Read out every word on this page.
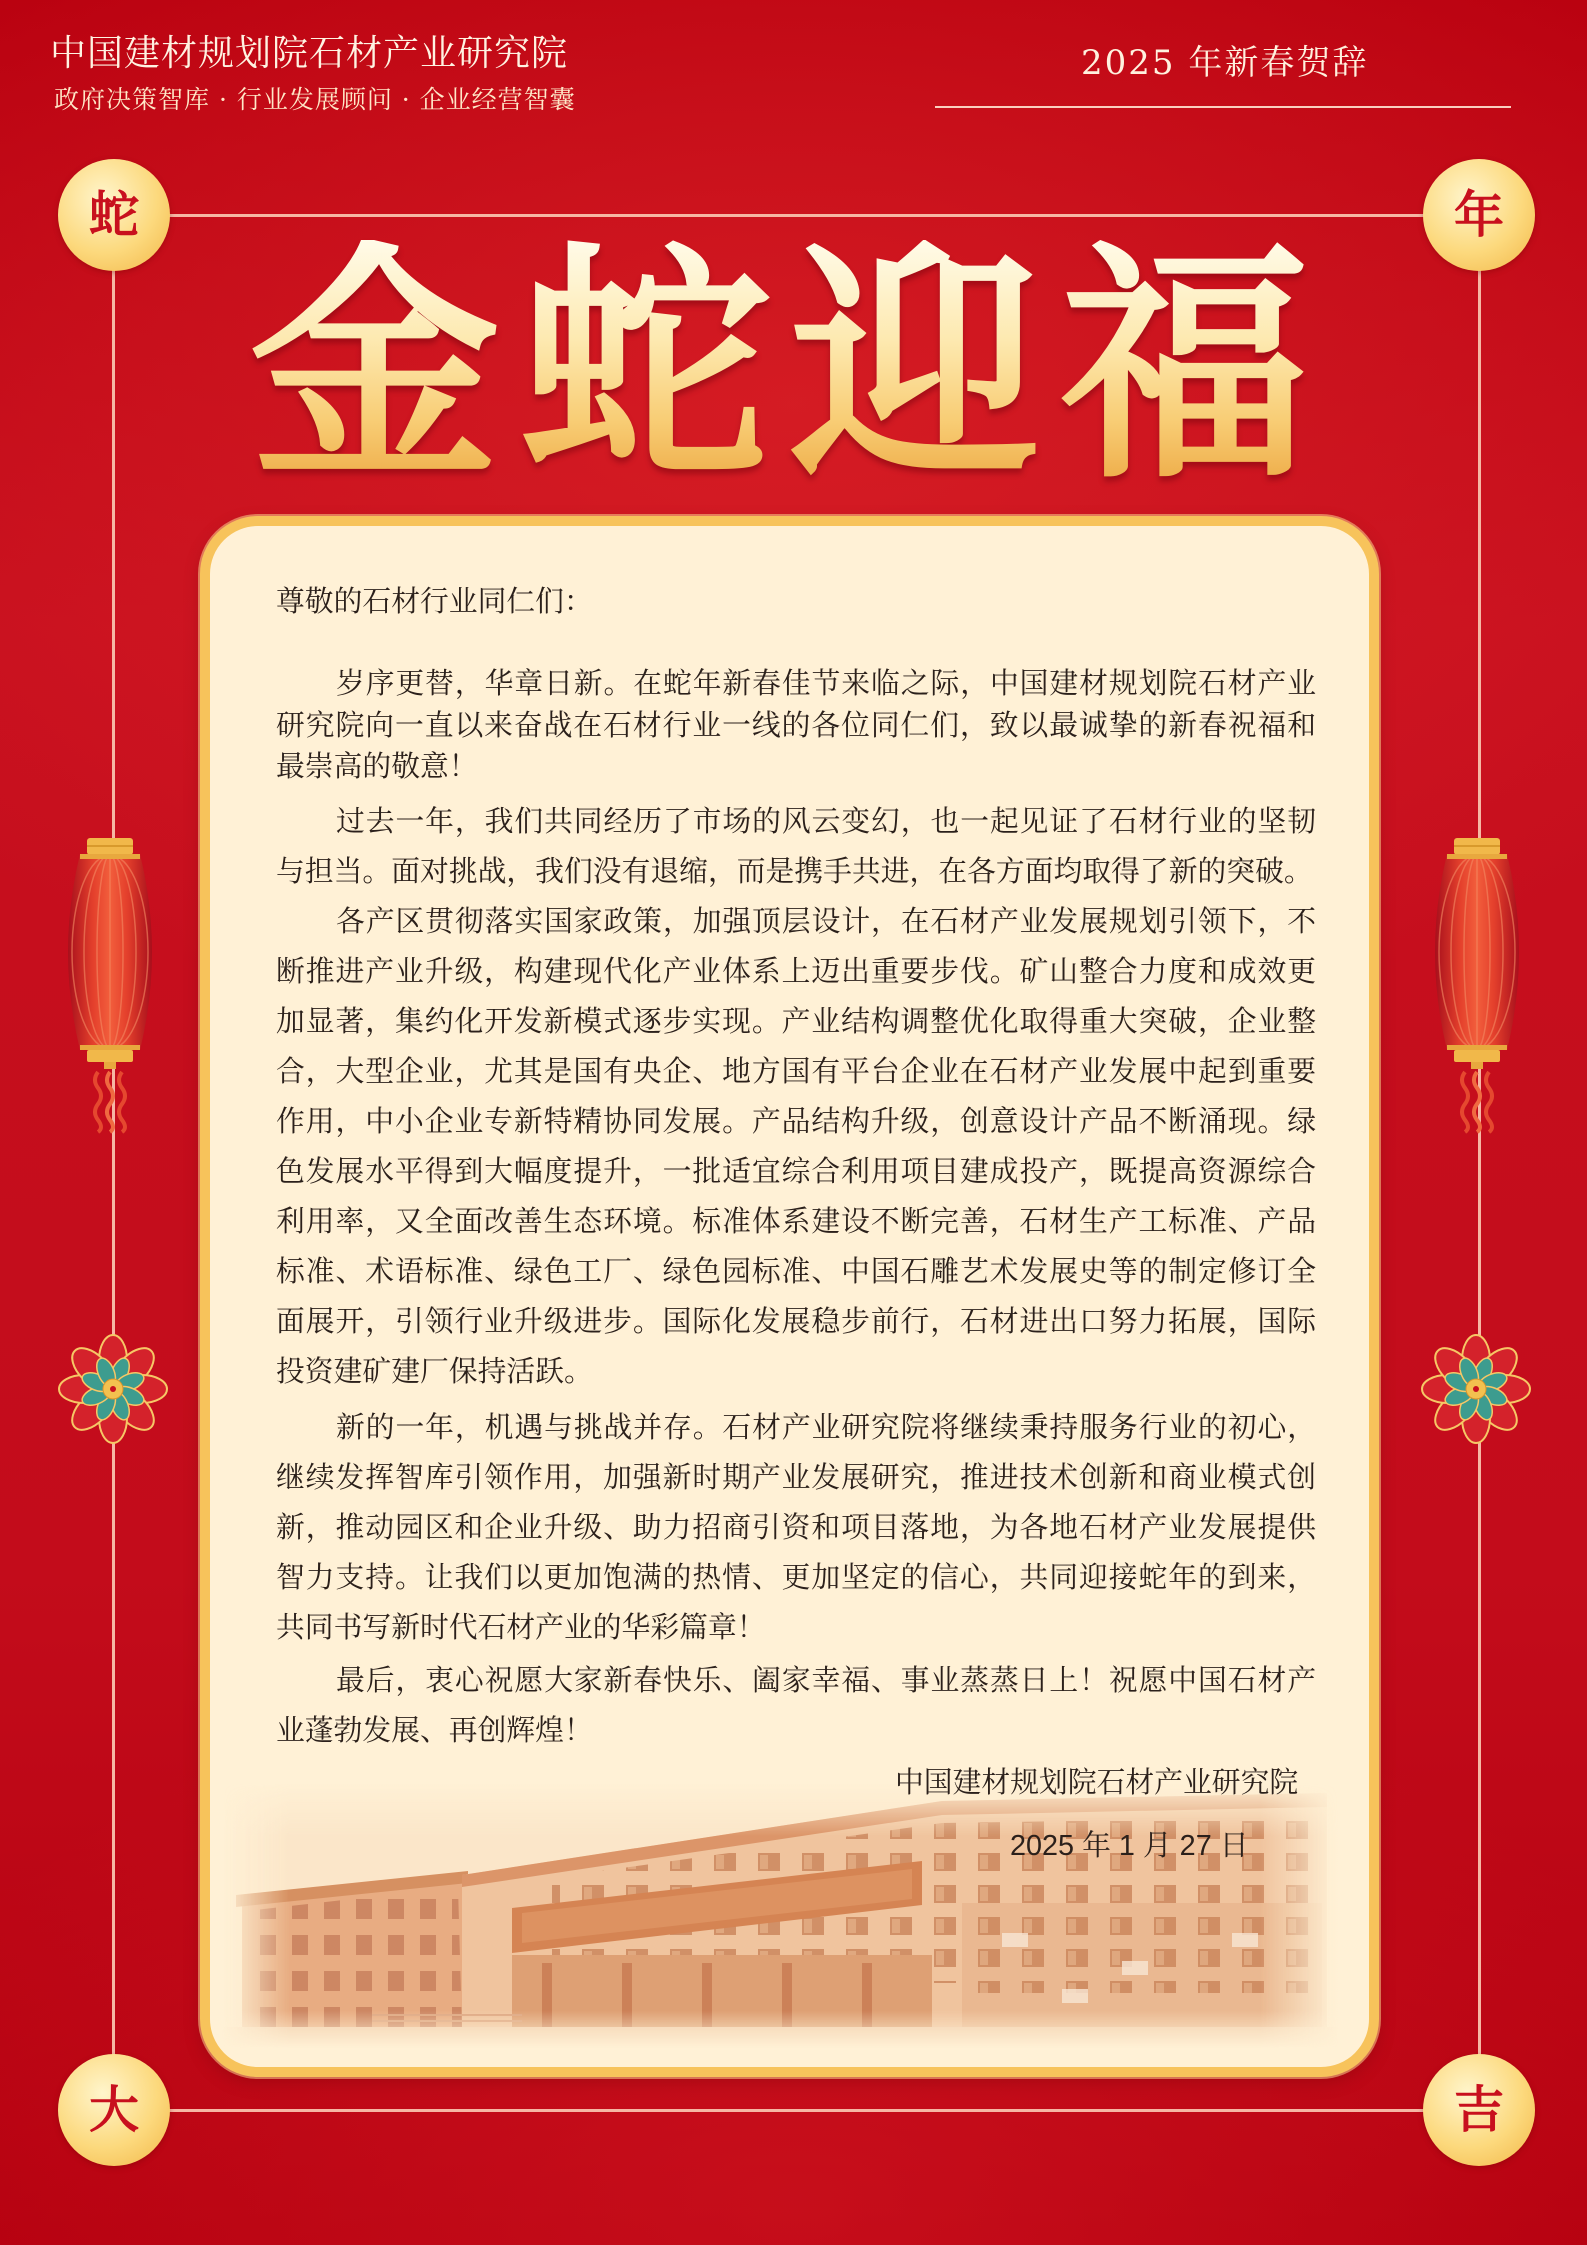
中国建材规划院石材产业研究院
政府决策智库 · 行业发展顾问 · 企业经营智囊
2025 年新春贺辞
蛇	年
大	吉
金蛇迎福
尊敬的石材行业同仁们：
岁序更替，华章日新。在蛇年新春佳节来临之际，中国建材规划院石材产业
研究院向一直以来奋战在石材行业一线的各位同仁们，致以最诚挚的新春祝福和
最崇高的敬意！
过去一年，我们共同经历了市场的风云变幻，也一起见证了石材行业的坚韧
与担当。面对挑战，我们没有退缩，而是携手共进，在各方面均取得了新的突破。
各产区贯彻落实国家政策，加强顶层设计，在石材产业发展规划引领下，不
断推进产业升级，构建现代化产业体系上迈出重要步伐。矿山整合力度和成效更
加显著，集约化开发新模式逐步实现。产业结构调整优化取得重大突破，企业整
合，大型企业，尤其是国有央企、地方国有平台企业在石材产业发展中起到重要
作用，中小企业专新特精协同发展。产品结构升级，创意设计产品不断涌现。绿
色发展水平得到大幅度提升，一批适宜综合利用项目建成投产，既提高资源综合
利用率，又全面改善生态环境。标准体系建设不断完善，石材生产工标准、产品
标准、术语标准、绿色工厂、绿色园标准、中国石雕艺术发展史等的制定修订全
面展开，引领行业升级进步。国际化发展稳步前行，石材进出口努力拓展，国际
投资建矿建厂保持活跃。
新的一年，机遇与挑战并存。石材产业研究院将继续秉持服务行业的初心，
继续发挥智库引领作用，加强新时期产业发展研究，推进技术创新和商业模式创
新，推动园区和企业升级、助力招商引资和项目落地，为各地石材产业发展提供
智力支持。让我们以更加饱满的热情、更加坚定的信心，共同迎接蛇年的到来，
共同书写新时代石材产业的华彩篇章！
最后，衷心祝愿大家新春快乐、阖家幸福、事业蒸蒸日上！祝愿中国石材产
业蓬勃发展、再创辉煌！
中国建材规划院石材产业研究院
2025 年 1 月 27 日
